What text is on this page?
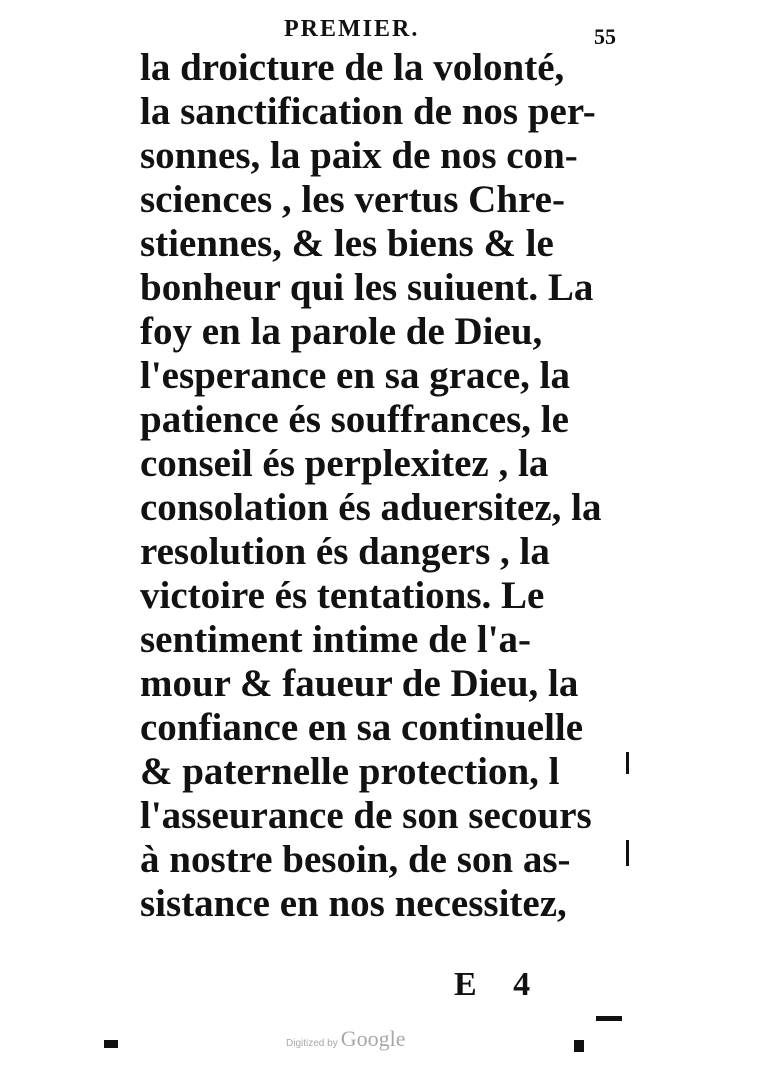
PREMIER.	55
la droicture de la volonté,
la sanctification de nos per-
sonnes, la paix de nos con-
sciences , les vertus Chre-
stiennes, & les biens & le
bonheur qui les suiuent. La
foy en la parole de Dieu,
l'esperance en sa grace, la
patience és souffrances, le
conseil és perplexitez , la
consolation és aduersitez, la
resolution és dangers , la
victoire és tentations. Le
sentiment intime de l'a-
mour & faueur de Dieu, la
confiance en sa continuelle
& paternelle protection, l
l'asseurance de son secours
à nostre besoin, de son as-
sistance en nos necessitez,
E 4
Digitized by Google
